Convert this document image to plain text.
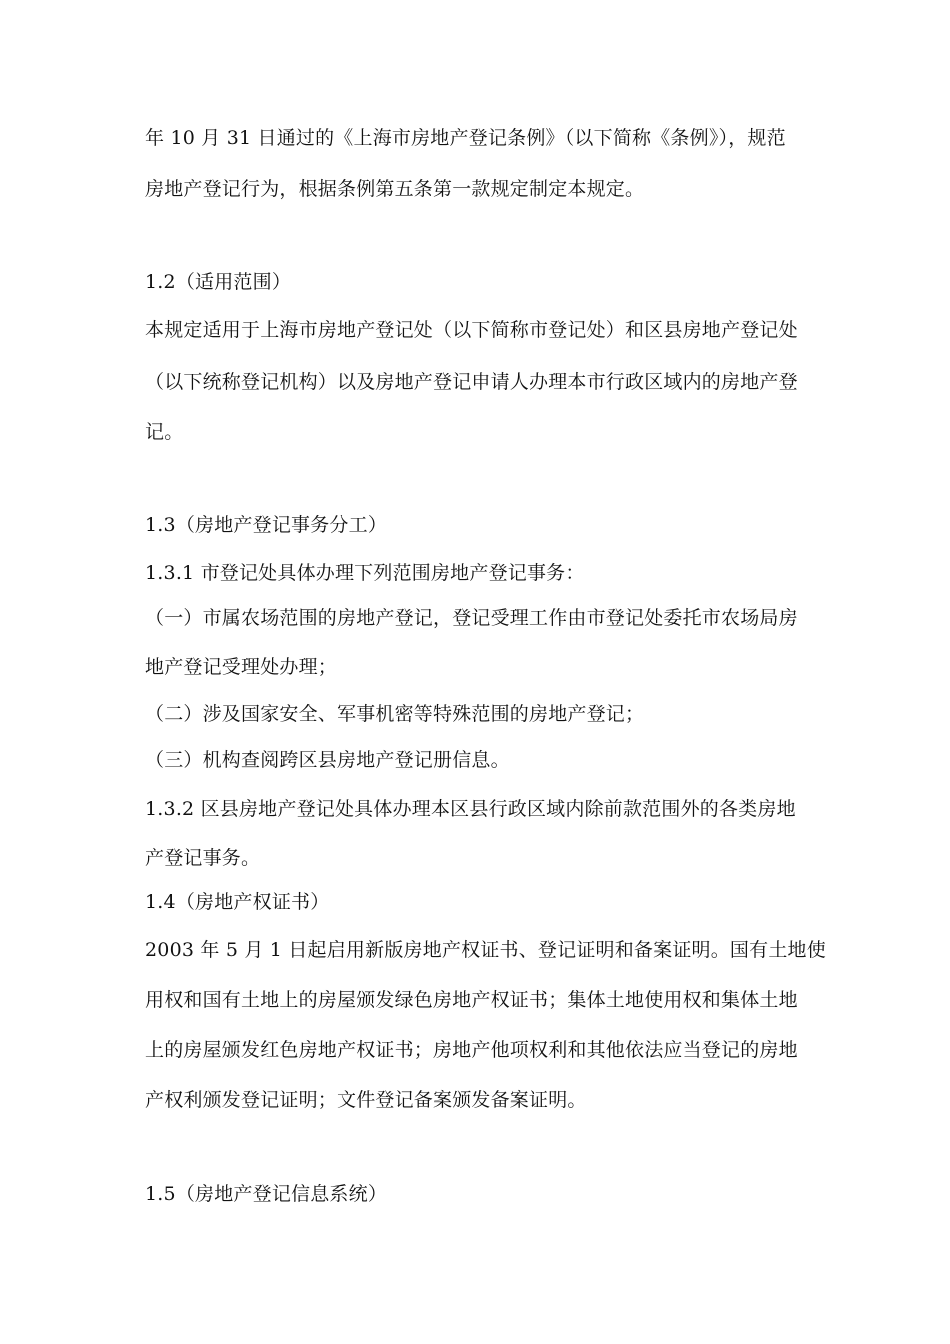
年 10 月 31 日通过的《上海市房地产登记条例》（以下简称《条例》），规范
房地产登记行为，根据条例第五条第一款规定制定本规定。
1.2（适用范围）
本规定适用于上海市房地产登记处（以下简称市登记处）和区县房地产登记处
（以下统称登记机构）以及房地产登记申请人办理本市行政区域内的房地产登
记。
1.3（房地产登记事务分工）
1.3.1 市登记处具体办理下列范围房地产登记事务：
（一）市属农场范围的房地产登记，登记受理工作由市登记处委托市农场局房
地产登记受理处办理；
（二）涉及国家安全、军事机密等特殊范围的房地产登记；
（三）机构查阅跨区县房地产登记册信息。
1.3.2 区县房地产登记处具体办理本区县行政区域内除前款范围外的各类房地
产登记事务。
1.4（房地产权证书）
2003 年 5 月 1 日起启用新版房地产权证书、登记证明和备案证明。国有土地使
用权和国有土地上的房屋颁发绿色房地产权证书；集体土地使用权和集体土地
上的房屋颁发红色房地产权证书；房地产他项权利和其他依法应当登记的房地
产权利颁发登记证明；文件登记备案颁发备案证明。
1.5（房地产登记信息系统）
